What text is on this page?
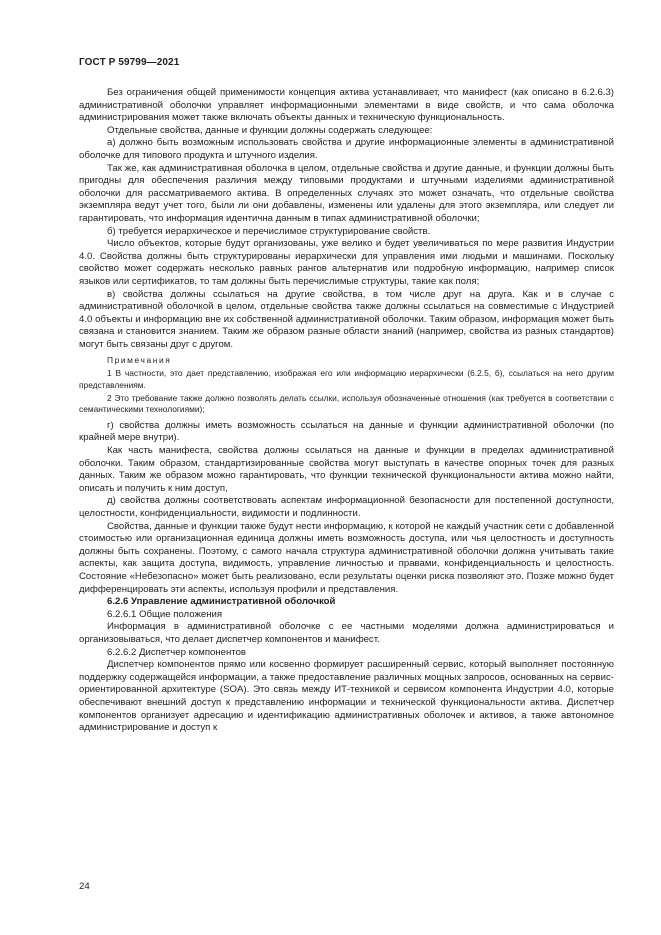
ГОСТ Р 59799—2021

Без ограничения общей применимости концепция актива устанавливает, что манифест (как описано в 6.2.6.3) административной оболочки управляет информационными элементами в виде свойств, и что сама оболочка администрирования может также включать объекты данных и техническую функциональность.

Отдельные свойства, данные и функции должны содержать следующее:

а) должно быть возможным использовать свойства и другие информационные элементы в административной оболочке для типового продукта и штучного изделия.

Так же, как административная оболочка в целом, отдельные свойства и другие данные, и функции должны быть пригодны для обеспечения различия между типовыми продуктами и штучными изделиями административной оболочки для рассматриваемого актива. В определенных случаях это может означать, что отдельные свойства экземпляра ведут учет того, были ли они добавлены, изменены или удалены для этого экземпляра, или следует ли гарантировать, что информация идентична данным в типах административной оболочки;

б) требуется иерархическое и перечислимое структурирование свойств.

Число объектов, которые будут организованы, уже велико и будет увеличиваться по мере развития Индустрии 4.0. Свойства должны быть структурированы иерархически для управления ими людьми и машинами. Поскольку свойство может содержать несколько равных рангов альтернатив или подробную информацию, например список языков или сертификатов, то там должны быть перечислимые структуры, такие как поля;

в) свойства должны ссылаться на другие свойства, в том числе друг на друга. Как и в случае с административной оболочкой в целом, отдельные свойства также должны ссылаться на совместимые с Индустрией 4.0 объекты и информацию вне их собственной административной оболочки. Таким образом, информация может быть связана и становится знанием. Таким же образом разные области знаний (например, свойства из разных стандартов) могут быть связаны друг с другом.

Примечания

1 В частности, это дает представлению, изображая его или информацию иерархически (6.2.5, б), ссылаться на него другим представлениям.

2 Это требование также должно позволять делать ссылки, используя обозначенные отношения (как требуется в соответствии с семантическими технологиями);

г) свойства должны иметь возможность ссылаться на данные и функции административной оболочки (по крайней мере внутри).

Как часть манифеста, свойства должны ссылаться на данные и функции в пределах административной оболочки. Таким образом, стандартизированные свойства могут выступать в качестве опорных точек для разных данных. Таким же образом можно гарантировать, что функции технической функциональности актива можно найти, описать и получить к ним доступ,

д) свойства должны соответствовать аспектам информационной безопасности для постепенной доступности, целостности, конфиденциальности, видимости и подлинности.

Свойства, данные и функции также будут нести информацию, к которой не каждый участник сети с добавленной стоимостью или организационная единица должны иметь возможность доступа, или чья целостность и доступность должны быть сохранены. Поэтому, с самого начала структура административной оболочки должна учитывать такие аспекты, как защита доступа, видимость, управление личностью и правами, конфиденциальность и целостность. Состояние «Небезопасно» может быть реализовано, если результаты оценки риска позволяют это. Позже можно будет дифференцировать эти аспекты, используя профили и представления.

6.2.6 Управление административной оболочкой

6.2.6.1 Общие положения

Информация в административной оболочке с ее частными моделями должна администрироваться и организовываться, что делает диспетчер компонентов и манифест.

6.2.6.2 Диспетчер компонентов

Диспетчер компонентов прямо или косвенно формирует расширенный сервис, который выполняет постоянную поддержку содержащейся информации, а также предоставление различных мощных запросов, основанных на сервис-ориентированной архитектуре (SOA). Это связь между ИТ-техникой и сервисом компонента Индустрии 4.0, которые обеспечивают внешний доступ к представлению информации и технической функциональности актива. Диспетчер компонентов организует адресацию и идентификацию административных оболочек и активов, а также автономное администрирование и доступ к

24
